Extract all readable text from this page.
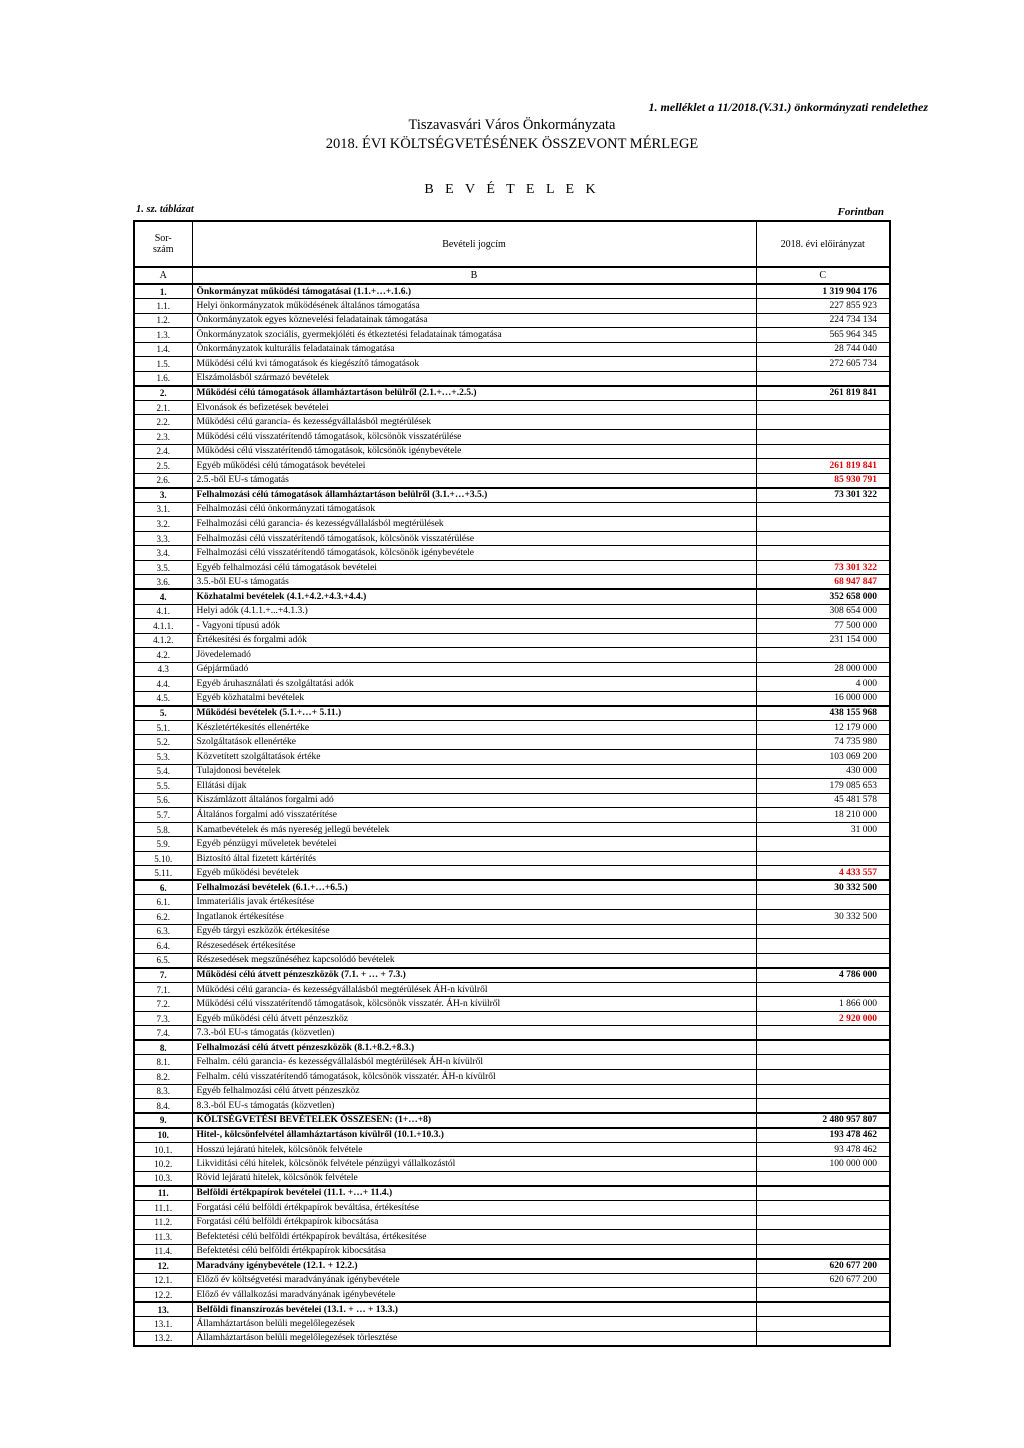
1. melléklet a 11/2018.(V.31.) önkormányzati rendelethez
Tiszavasvári Város Önkormányzata
2018. ÉVI KÖLTSÉGVETÉSÉNEK ÖSSZEVONT MÉRLEGE
B E V É T E L E K
1. sz. táblázat	Forintban
Sor-
szám	Bevételi jogcím	2018. évi előirányzat
A	B	C
1.	Önkormányzat működési támogatásai (1.1.+…+.1.6.)	1 319 904 176
1.1.	Helyi önkormányzatok működésének általános támogatása	227 855 923
1.2.	Önkormányzatok egyes köznevelési feladatainak támogatása	224 734 134
1.3.	Önkormányzatok szociális, gyermekjóléti és étkeztetési feladatainak támogatása	565 964 345
1.4.	Önkormányzatok kulturális feladatainak támogatása	28 744 040
1.5.	Működési célú kvi támogatások és kiegészítő támogatások	272 605 734
1.6.	Elszámolásból származó bevételek	
2.	Működési célú támogatások államháztartáson belülről (2.1.+…+.2.5.)	261 819 841
2.1.	Elvonások és befizetések bevételei	
2.2.	Működési célú garancia- és kezességvállalásból megtérülések	
2.3.	Működési célú visszatérítendő támogatások, kölcsönök visszatérülése	
2.4.	Működési célú visszatérítendő támogatások, kölcsönök igénybevétele	
2.5.	Egyéb működési célú támogatások bevételei	261 819 841
2.6.	2.5.-ből EU-s támogatás	85 930 791
3.	Felhalmozási célú támogatások államháztartáson belülről (3.1.+…+3.5.)	73 301 322
3.1.	Felhalmozási célú önkormányzati támogatások	
3.2.	Felhalmozási célú garancia- és kezességvállalásból megtérülések	
3.3.	Felhalmozási célú visszatérítendő támogatások, kölcsönök visszatérülése	
3.4.	Felhalmozási célú visszatérítendő támogatások, kölcsönök igénybevétele	
3.5.	Egyéb felhalmozási célú támogatások bevételei	73 301 322
3.6.	3.5.-ből EU-s támogatás	68 947 847
4.	Közhatalmi bevételek (4.1.+4.2.+4.3.+4.4.)	352 658 000
4.1.	Helyi adók (4.1.1.+...+4.1.3.)	308 654 000
4.1.1.	- Vagyoni típusú adók	77 500 000
4.1.2.	Értékesítési és forgalmi adók	231 154 000
4.2.	Jövedelemadó	
4.3	Gépjárműadó	28 000 000
4.4.	Egyéb áruhasználati és szolgáltatási adók	4 000
4.5.	Egyéb közhatalmi bevételek	16 000 000
5.	Működési bevételek (5.1.+…+ 5.11.)	438 155 968
5.1.	Készletértékesítés ellenértéke	12 179 000
5.2.	Szolgáltatások ellenértéke	74 735 980
5.3.	Közvetített szolgáltatások értéke	103 069 200
5.4.	Tulajdonosi bevételek	430 000
5.5.	Ellátási díjak	179 085 653
5.6.	Kiszámlázott általános forgalmi adó	45 481 578
5.7.	Általános forgalmi adó visszatérítése	18 210 000
5.8.	Kamatbevételek és más nyereség jellegű bevételek	31 000
5.9.	Egyéb pénzügyi műveletek bevételei	
5.10.	Biztosító által fizetett kártérítés	
5.11.	Egyéb működési bevételek	4 433 557
6.	Felhalmozási bevételek (6.1.+…+6.5.)	30 332 500
6.1.	Immateriális javak értékesítése	
6.2.	Ingatlanok értékesítése	30 332 500
6.3.	Egyéb tárgyi eszközök értékesítése	
6.4.	Részesedések értékesítése	
6.5.	Részesedések megszűnéséhez kapcsolódó bevételek	
7.	Működési célú átvett pénzeszközök (7.1. + … + 7.3.)	4 786 000
7.1.	Működési célú garancia- és kezességvállalásból megtérülések ÁH-n kívülről	
7.2.	Működési célú visszatérítendő támogatások, kölcsönök visszatér. ÁH-n kívülről	1 866 000
7.3.	Egyéb működési célú átvett pénzeszköz	2 920 000
7.4.	7.3.-ból EU-s támogatás (közvetlen)	
8.	Felhalmozási célú átvett pénzeszközök (8.1.+8.2.+8.3.)	
8.1.	Felhalm. célú garancia- és kezességvállalásból megtérülések ÁH-n kívülről	
8.2.	Felhalm. célú visszatérítendő támogatások, kölcsönök visszatér. ÁH-n kívülről	
8.3.	Egyéb felhalmozási célú átvett pénzeszköz	
8.4.	8.3.-ból EU-s támogatás (közvetlen)	
9.	KÖLTSÉGVETÉSI BEVÉTELEK ÖSSZESEN: (1+…+8)	2 480 957 807
10.	Hitel-, kölcsönfelvétel államháztartáson kívülről (10.1.+10.3.)	193 478 462
10.1.	Hosszú lejáratú hitelek, kölcsönök felvétele	93 478 462
10.2.	Likviditási célú hitelek, kölcsönök felvétele pénzügyi vállalkozástól	100 000 000
10.3.	Rövid lejáratú hitelek, kölcsönök felvétele	
11.	Belföldi értékpapírok bevételei (11.1. +…+ 11.4.)	
11.1.	Forgatási célú belföldi értékpapírok beváltása, értékesítése	
11.2.	Forgatási célú belföldi értékpapírok kibocsátása	
11.3.	Befektetési célú belföldi értékpapírok beváltása, értékesítése	
11.4.	Befektetési célú belföldi értékpapírok kibocsátása	
12.	Maradvány igénybevétele (12.1. + 12.2.)	620 677 200
12.1.	Előző év költségvetési maradványának igénybevétele	620 677 200
12.2.	Előző év vállalkozási maradványának igénybevétele	
13.	Belföldi finanszírozás bevételei (13.1. + … + 13.3.)	
13.1.	Államháztartáson belüli megelőlegezések	
13.2.	Államháztartáson belüli megelőlegezések törlesztése	
